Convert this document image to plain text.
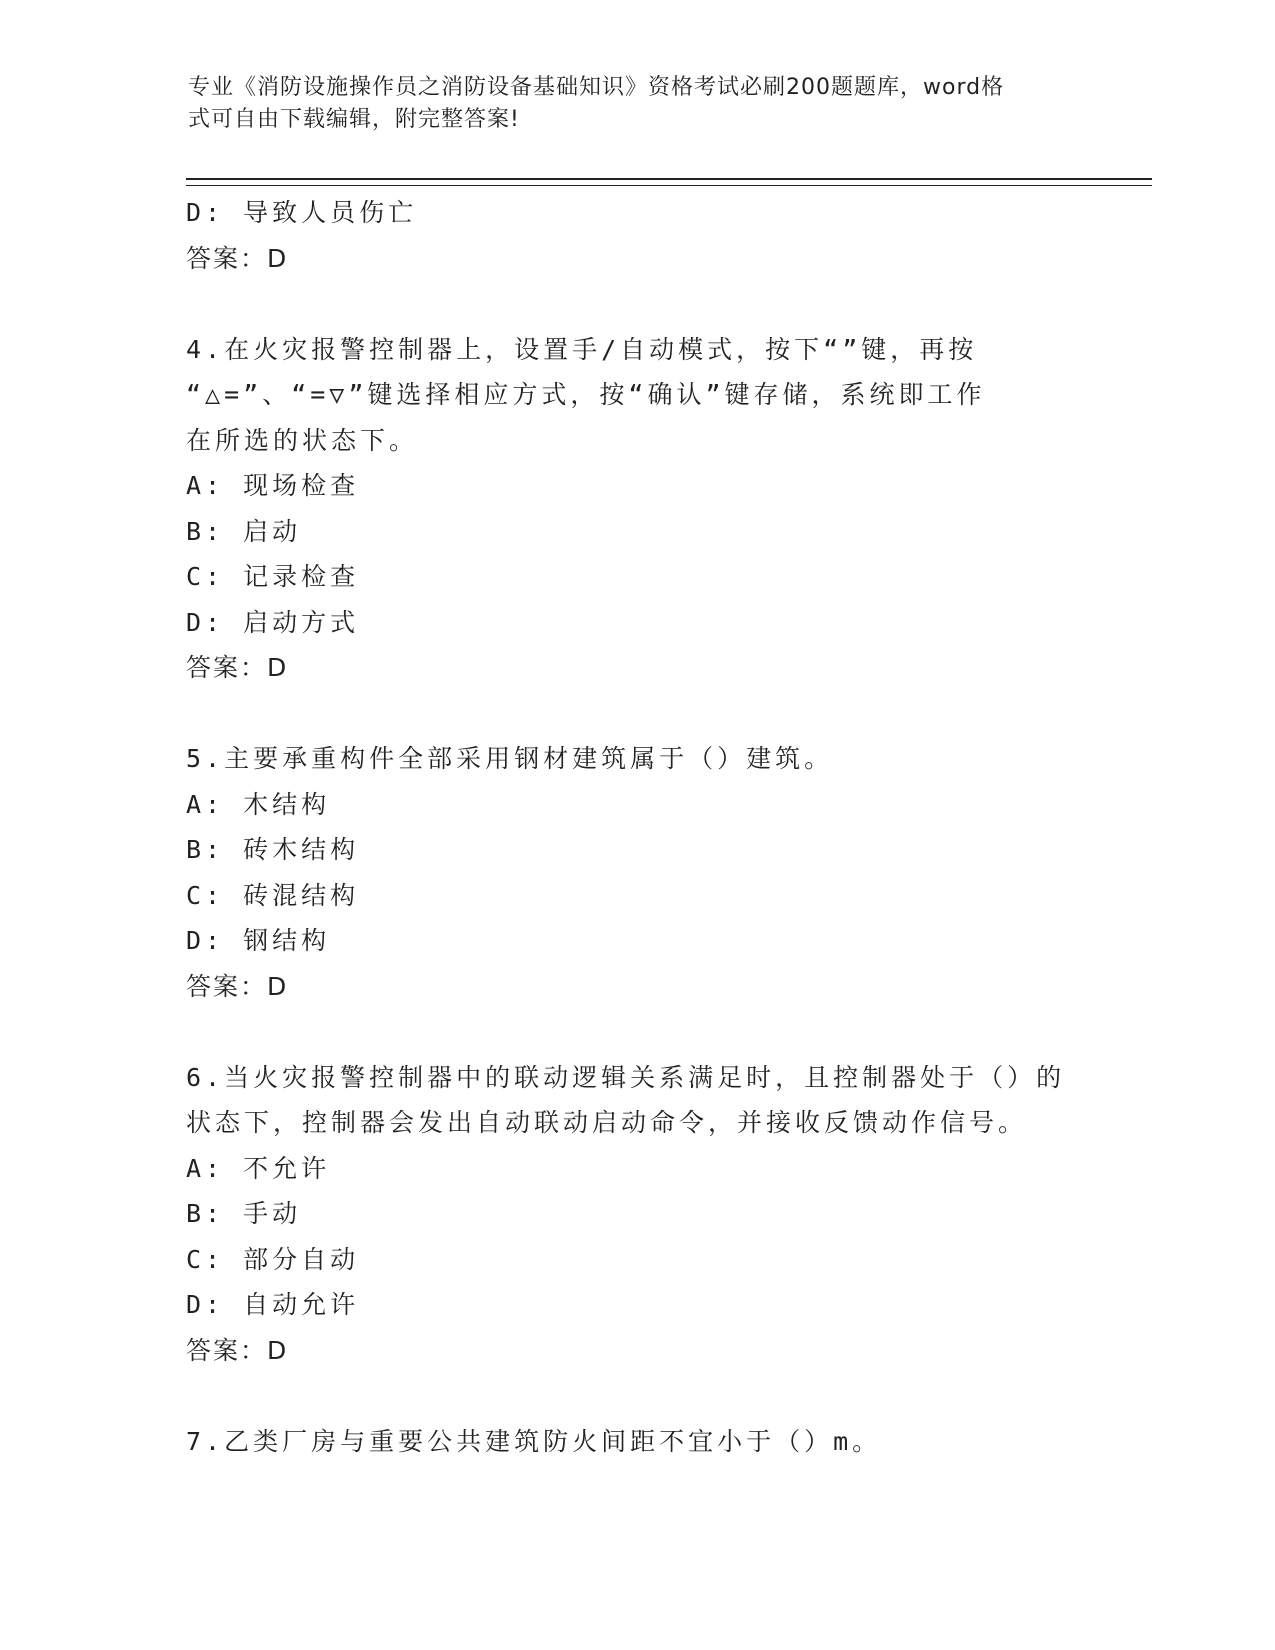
专业《消防设施操作员之消防设备基础知识》资格考试必刷200题题库，word格
式可自由下载编辑，附完整答案!
D: 导致人员伤亡
答案：D
4.在火灾报警控制器上，设置手/自动模式，按下“”键，再按
“△=”、“=▽”键选择相应方式，按“确认”键存储，系统即工作
在所选的状态下。
A: 现场检查
B: 启动
C: 记录检查
D: 启动方式
答案：D
5.主要承重构件全部采用钢材建筑属于（）建筑。
A: 木结构
B: 砖木结构
C: 砖混结构
D: 钢结构
答案：D
6.当火灾报警控制器中的联动逻辑关系满足时，且控制器处于（）的
状态下，控制器会发出自动联动启动命令，并接收反馈动作信号。
A: 不允许
B: 手动
C: 部分自动
D: 自动允许
答案：D
7.乙类厂房与重要公共建筑防火间距不宜小于（）m。
